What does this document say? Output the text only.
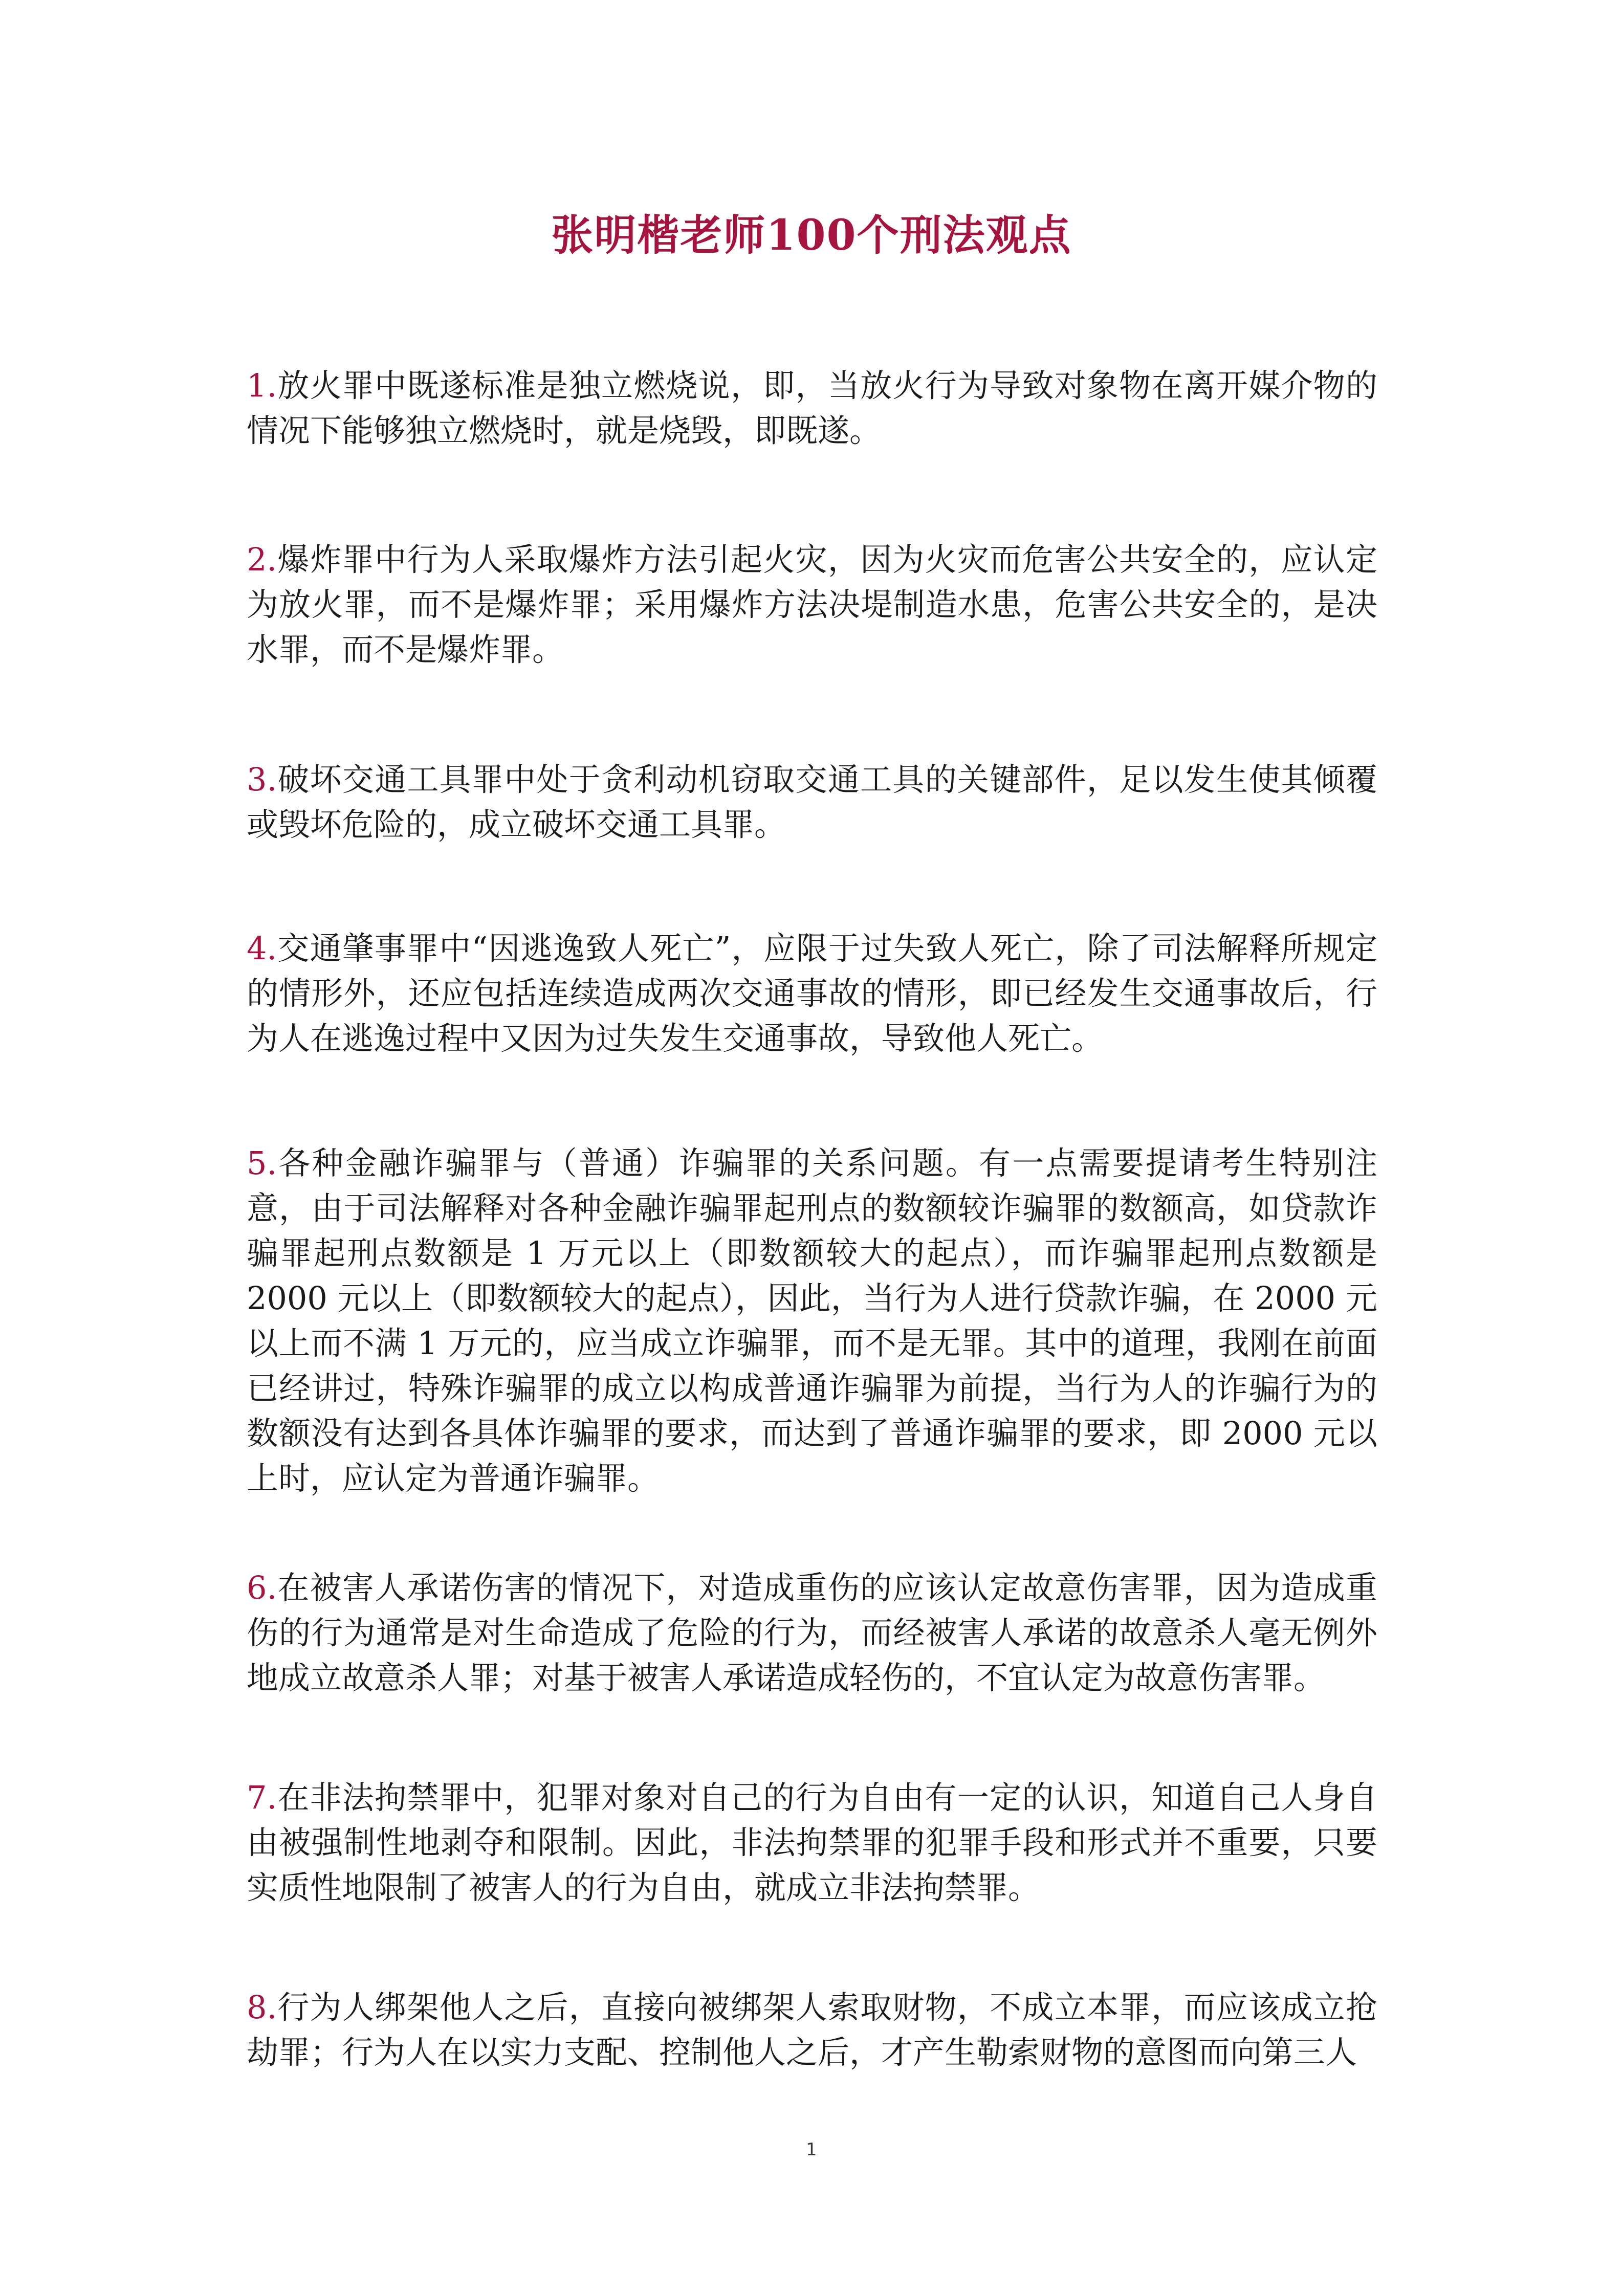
张明楷老师100个刑法观点

1.放火罪中既遂标准是独立燃烧说，即，当放火行为导致对象物在离开媒介物的情况下能够独立燃烧时，就是烧毁，即既遂。

2.爆炸罪中行为人采取爆炸方法引起火灾，因为火灾而危害公共安全的，应认定为放火罪，而不是爆炸罪；采用爆炸方法决堤制造水患，危害公共安全的，是决水罪，而不是爆炸罪。

3.破坏交通工具罪中处于贪利动机窃取交通工具的关键部件，足以发生使其倾覆或毁坏危险的，成立破坏交通工具罪。

4.交通肇事罪中“因逃逸致人死亡”，应限于过失致人死亡，除了司法解释所规定的情形外，还应包括连续造成两次交通事故的情形，即已经发生交通事故后，行为人在逃逸过程中又因为过失发生交通事故，导致他人死亡。

5.各种金融诈骗罪与（普通）诈骗罪的关系问题。有一点需要提请考生特别注意，由于司法解释对各种金融诈骗罪起刑点的数额较诈骗罪的数额高，如贷款诈骗罪起刑点数额是 1 万元以上（即数额较大的起点），而诈骗罪起刑点数额是 2000 元以上（即数额较大的起点），因此，当行为人进行贷款诈骗，在 2000 元以上而不满 1 万元的，应当成立诈骗罪，而不是无罪。其中的道理，我刚在前面已经讲过，特殊诈骗罪的成立以构成普通诈骗罪为前提，当行为人的诈骗行为的数额没有达到各具体诈骗罪的要求，而达到了普通诈骗罪的要求，即 2000 元以上时，应认定为普通诈骗罪。

6.在被害人承诺伤害的情况下，对造成重伤的应该认定故意伤害罪，因为造成重伤的行为通常是对生命造成了危险的行为，而经被害人承诺的故意杀人毫无例外地成立故意杀人罪；对基于被害人承诺造成轻伤的，不宜认定为故意伤害罪。

7.在非法拘禁罪中，犯罪对象对自己的行为自由有一定的认识，知道自己人身自由被强制性地剥夺和限制。因此，非法拘禁罪的犯罪手段和形式并不重要，只要实质性地限制了被害人的行为自由，就成立非法拘禁罪。

8.行为人绑架他人之后，直接向被绑架人索取财物，不成立本罪，而应该成立抢劫罪；行为人在以实力支配、控制他人之后，才产生勒索财物的意图而向第三人

1
